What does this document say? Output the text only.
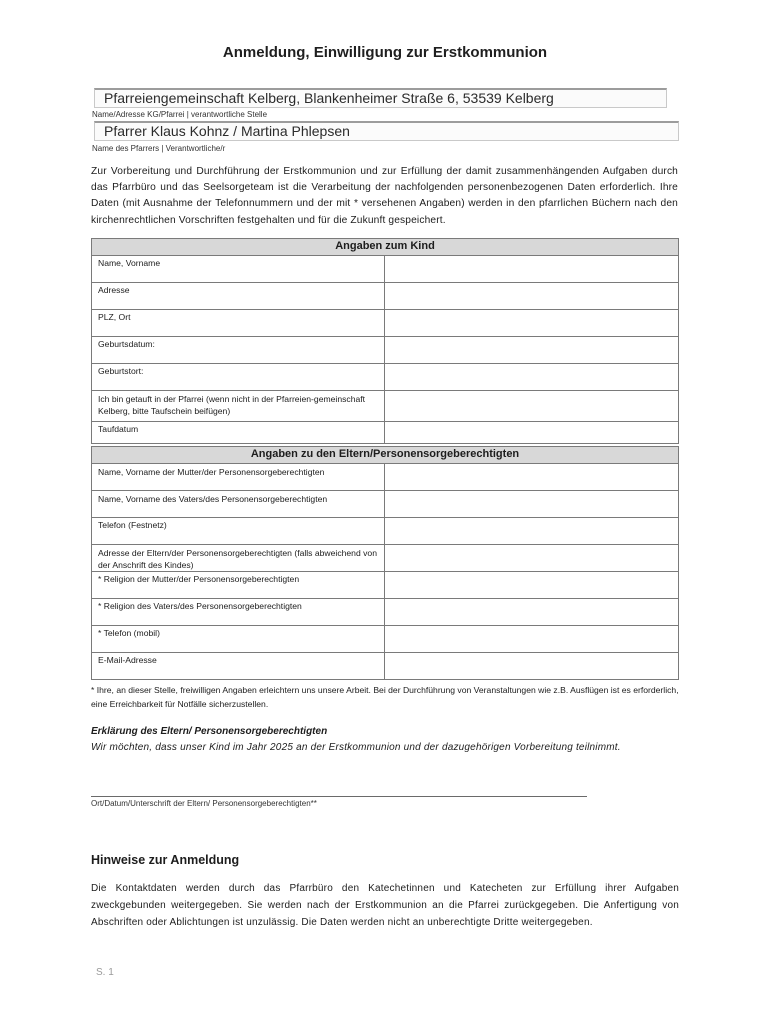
Anmeldung, Einwilligung zur Erstkommunion
Pfarreiengemeinschaft Kelberg, Blankenheimer Straße 6, 53539 Kelberg
Name/Adresse KG/Pfarrei | verantwortliche Stelle
Pfarrer Klaus Kohnz / Martina Phlepsen
Name des Pfarrers | Verantwortliche/r
Zur Vorbereitung und Durchführung der Erstkommunion und zur Erfüllung der damit zusammenhängenden Aufgaben durch das Pfarrbüro und das Seelsorgeteam ist die Verarbeitung der nachfolgenden personenbezogenen Daten erforderlich. Ihre Daten (mit Ausnahme der Telefonnummern und der mit * versehenen Angaben) werden in den pfarrlichen Büchern nach den kirchenrechtlichen Vorschriften festgehalten und für die Zukunft gespeichert.
Angaben zum Kind	
Name, Vorname	
Adresse	
PLZ, Ort	
Geburtsdatum:	
Geburtstort:	
Ich bin getauft in der Pfarrei (wenn nicht in der Pfarreien-gemeinschaft Kelberg, bitte Taufschein beifügen)	
Taufdatum	
Angaben zu den Eltern/Personensorgeberechtigten	
Name, Vorname der Mutter/der Personensorgeberechtigten	
Name, Vorname des Vaters/des Personensorgeberechtigten	
Telefon (Festnetz)	
Adresse der Eltern/der Personensorgeberechtigten (falls abweichend von der Anschrift des Kindes)	
* Religion der Mutter/der Personensorgeberechtigten	
* Religion des Vaters/des Personensorgeberechtigten	
* Telefon (mobil)	
E-Mail-Adresse	
* Ihre, an dieser Stelle, freiwilligen Angaben erleichtern uns unsere Arbeit. Bei der Durchführung von Veranstaltungen wie z.B. Ausflügen ist es erforderlich, eine Erreichbarkeit für Notfälle sicherzustellen.
Erklärung des Eltern/ Personensorgeberechtigten
Wir möchten, dass unser Kind im Jahr 2025 an der Erstkommunion und der dazugehörigen Vorbereitung teilnimmt.
Ort/Datum/Unterschrift der Eltern/ Personensorgeberechtigten**
Hinweise zur Anmeldung
Die Kontaktdaten werden durch das Pfarrbüro den Katechetinnen und Katecheten zur Erfüllung ihrer Aufgaben zweckgebunden weitergegeben. Sie werden nach der Erstkommunion an die Pfarrei zurückgegeben. Die Anfertigung von Abschriften oder Ablichtungen ist unzulässig. Die Daten werden nicht an unberechtigte Dritte weitergegeben.
S. 1
